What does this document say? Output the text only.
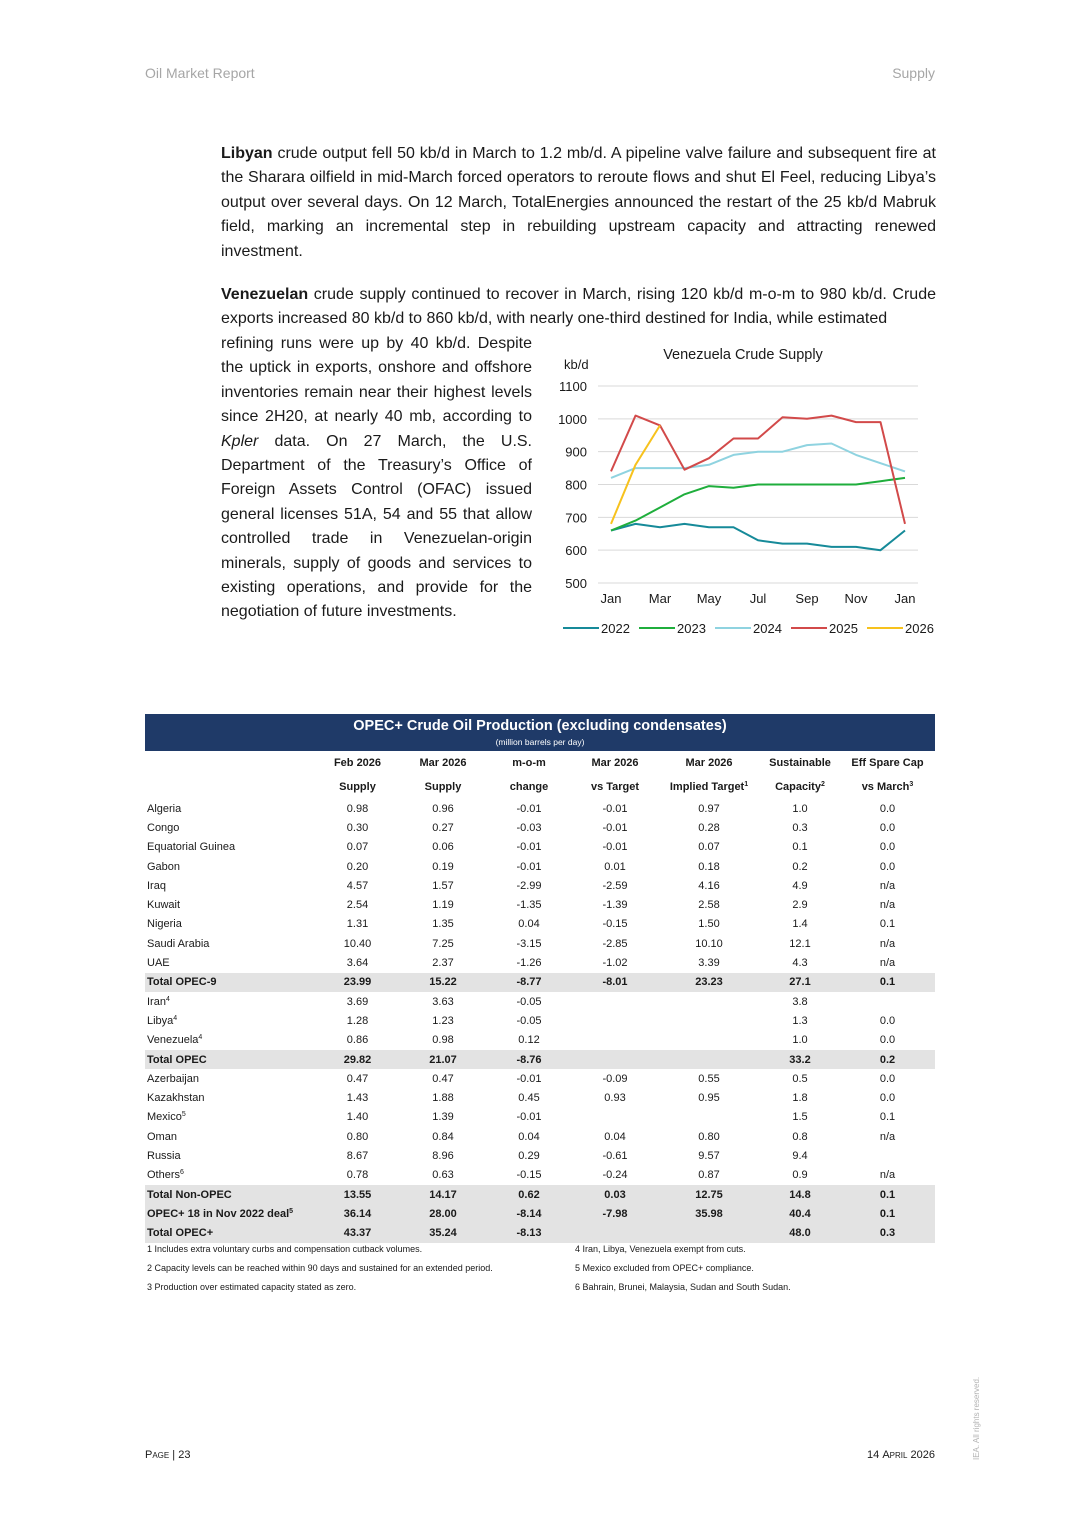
Oil Market Report	Supply

Libyan crude output fell 50 kb/d in March to 1.2 mb/d. A pipeline valve failure and subsequent fire at the Sharara oilfield in mid-March forced operators to reroute flows and shut El Feel, reducing Libya’s output over several days. On 12 March, TotalEnergies announced the restart of the 25 kb/d Mabruk field, marking an incremental step in rebuilding upstream capacity and attracting renewed investment.

Venezuelan crude supply continued to recover in March, rising 120 kb/d m-o-m to 980 kb/d. Crude exports increased 80 kb/d to 860 kb/d, with nearly one-third destined for India, while estimated

refining runs were up by 40 kb/d. Despite the uptick in exports, onshore and offshore inventories remain near their highest levels since 2H20, at nearly 40 mb, according to Kpler data. On 27 March, the U.S. Department of the Treasury’s Office of Foreign Assets Control (OFAC) issued general licenses 51A, 54 and 55 that allow controlled trade in Venezuelan-origin minerals, supply of goods and services to existing operations, and provide for the negotiation of future investments.

Venezuela Crude Supply
kb/d
500
600
700
800
900
1000
1100
Jan Mar May Jul Sep Nov Jan
2022	2023	2024	2025	2026
OPEC+ Crude Oil Production (excluding condensates)
(million barrels per day)
	Feb 2026	Mar 2026	m-o-m	Mar 2026	Mar 2026	Sustainable	Eff Spare Cap
	Supply	Supply	change	vs Target	Implied Target$^1$	Capacity$^2$	vs March$^3$
Algeria	0.98	0.96	-0.01	-0.01	0.97	1.0	0.0
Congo	0.30	0.27	-0.03	-0.01	0.28	0.3	0.0
Equatorial Guinea	0.07	0.06	-0.01	-0.01	0.07	0.1	0.0
Gabon	0.20	0.19	-0.01	0.01	0.18	0.2	0.0
Iraq	4.57	1.57	-2.99	-2.59	4.16	4.9	n/a
Kuwait	2.54	1.19	-1.35	-1.39	2.58	2.9	n/a
Nigeria	1.31	1.35	0.04	-0.15	1.50	1.4	0.1
Saudi Arabia	10.40	7.25	-3.15	-2.85	10.10	12.1	n/a
UAE	3.64	2.37	-1.26	-1.02	3.39	4.3	n/a
Total OPEC-9	23.99	15.22	-8.77	-8.01	23.23	27.1	0.1
Iran$^4$	3.69	3.63	-0.05			3.8	
Libya$^4$	1.28	1.23	-0.05			1.3	0.0
Venezuela$^4$	0.86	0.98	0.12			1.0	0.0
Total OPEC	29.82	21.07	-8.76			33.2	0.2
Azerbaijan	0.47	0.47	-0.01	-0.09	0.55	0.5	0.0
Kazakhstan	1.43	1.88	0.45	0.93	0.95	1.8	0.0
Mexico$^5$	1.40	1.39	-0.01			1.5	0.1
Oman	0.80	0.84	0.04	0.04	0.80	0.8	n/a
Russia	8.67	8.96	0.29	-0.61	9.57	9.4	
Others$^6$	0.78	0.63	-0.15	-0.24	0.87	0.9	n/a
Total Non-OPEC	13.55	14.17	0.62	0.03	12.75	14.8	0.1
OPEC+ 18 in Nov 2022 deal$^5$	36.14	28.00	-8.14	-7.98	35.98	40.4	0.1
Total OPEC+	43.37	35.24	-8.13			48.0	0.3
1 Includes extra voluntary curbs and compensation cutback volumes.
2 Capacity levels can be reached within 90 days and sustained for an extended period.
3 Production over estimated capacity stated as zero.
4 Iran, Libya, Venezuela exempt from cuts.
5 Mexico excluded from OPEC+ compliance.
6 Bahrain, Brunei, Malaysia, Sudan and South Sudan.
Page | 23	14 April 2026	IEA. All rights reserved.
